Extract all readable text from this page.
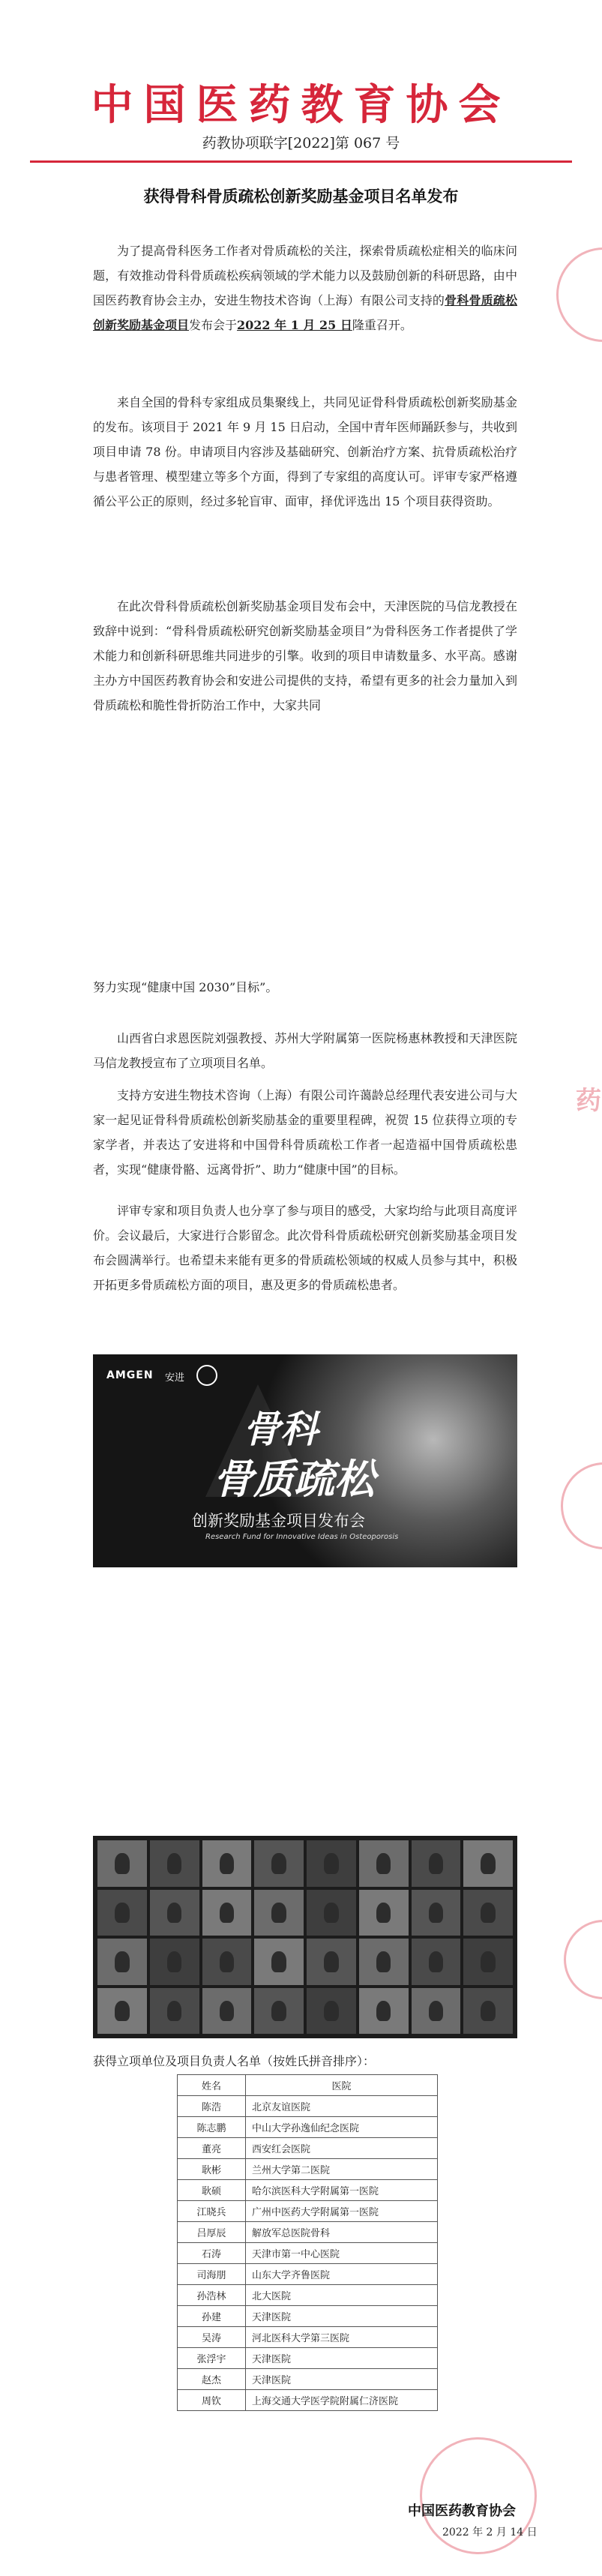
中国医药教育协会
药教协项联字[2022]第 067 号
获得骨科骨质疏松创新奖励基金项目名单发布

为了提高骨科医务工作者对骨质疏松的关注，探索骨质疏松症相关的临床问题，有效推动骨科骨质疏松疾病领域的学术能力以及鼓励创新的科研思路，由中国医药教育协会主办，安进生物技术咨询（上海）有限公司支持的骨科骨质疏松创新奖励基金项目发布会于2022 年 1 月 25 日隆重召开。

来自全国的骨科专家组成员集聚线上，共同见证骨科骨质疏松创新奖励基金的发布。该项目于 2021 年 9 月 15 日启动，全国中青年医师踊跃参与，共收到项目申请 78 份。申请项目内容涉及基础研究、创新治疗方案、抗骨质疏松治疗与患者管理、模型建立等多个方面，得到了专家组的高度认可。评审专家严格遵循公平公正的原则，经过多轮盲审、面审，择优评选出 15 个项目获得资助。

在此次骨科骨质疏松创新奖励基金项目发布会中，天津医院的马信龙教授在致辞中说到：“骨科骨质疏松研究创新奖励基金项目”为骨科医务工作者提供了学术能力和创新科研思维共同进步的引擎。收到的项目申请数量多、水平高。感谢主办方中国医药教育协会和安进公司提供的支持，希望有更多的社会力量加入到骨质疏松和脆性骨折防治工作中，大家共同

努力实现“健康中国 2030”目标”。

山西省白求恩医院刘强教授、苏州大学附属第一医院杨惠林教授和天津医院马信龙教授宣布了立项项目名单。

支持方安进生物技术咨询（上海）有限公司许蔼龄总经理代表安进公司与大家一起见证骨科骨质疏松创新奖励基金的重要里程碑，祝贺 15 位获得立项的专家学者，并表达了安进将和中国骨科骨质疏松工作者一起造福中国骨质疏松患者，实现“健康骨骼、远离骨折”、助力“健康中国”的目标。

评审专家和项目负责人也分享了参与项目的感受，大家均给与此项目高度评价。会议最后，大家进行合影留念。此次骨科骨质疏松研究创新奖励基金项目发布会圆满举行。也希望未来能有更多的骨质疏松领域的权威人员参与其中，积极开拓更多骨质疏松方面的项目，惠及更多的骨质疏松患者。

AMGEN 安进
骨科
骨质疏松
创新奖励基金项目发布会
Research Fund for Innovative Ideas in Osteoporosis
获得立项单位及项目负责人名单（按姓氏拼音排序）：
姓名	医院
陈浩	北京友谊医院
陈志鹏	中山大学孙逸仙纪念医院
董亮	西安红会医院
耿彬	兰州大学第二医院
耿硕	哈尔滨医科大学附属第一医院
江晓兵	广州中医药大学附属第一医院
吕厚辰	解放军总医院骨科
石涛	天津市第一中心医院
司海朋	山东大学齐鲁医院
孙浩林	北大医院
孙建	天津医院
吴涛	河北医科大学第三医院
张浮宇	天津医院
赵杰	天津医院
周钦	上海交通大学医学院附属仁济医院
药
中国医药教育协会
2022 年 2 月 14 日
